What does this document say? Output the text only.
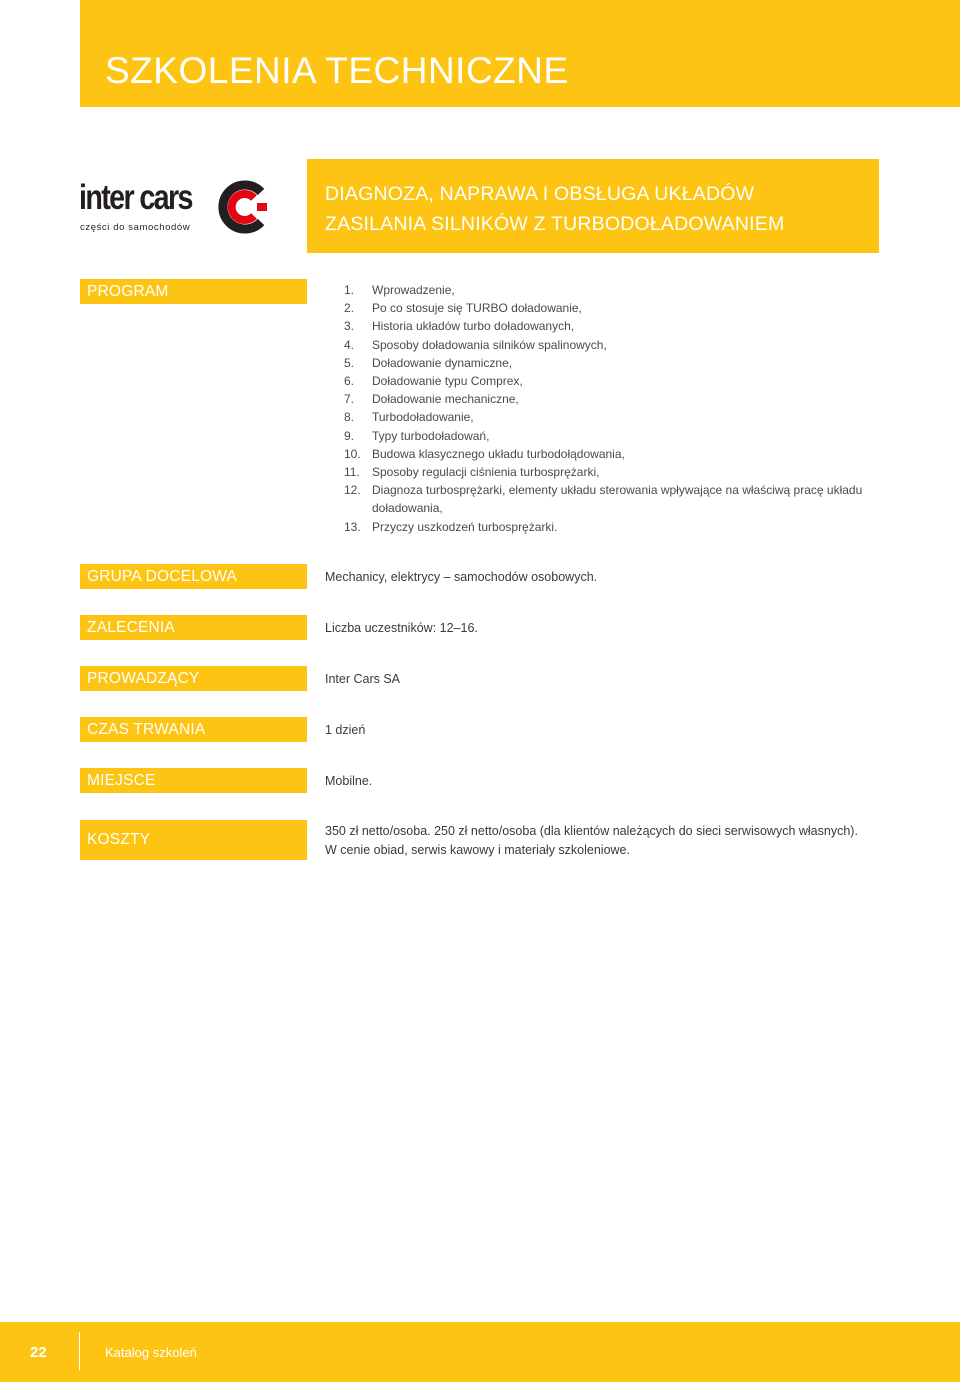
SZKOLENIA TECHNICZNE
inter cars
części do samochodów
DIAGNOZA, NAPRAWA I OBSŁUGA UKŁADÓW
ZASILANIA SILNIKÓW Z TURBODOŁADOWANIEM
PROGRAM	1. Wprowadzenie,
2. Po co stosuje się TURBO doładowanie,
3. Historia układów turbo doładowanych,
4. Sposoby doładowania silników spalinowych,
5. Doładowanie dynamiczne,
6. Doładowanie typu Comprex,
7. Doładowanie mechaniczne,
8. Turbodoładowanie,
9. Typy turbodoładowań,
10. Budowa klasycznego układu turbodołądowania,
11. Sposoby regulacji ciśnienia turbosprężarki,
12. Diagnoza turbosprężarki, elementy układu sterowania wpływające na właściwą pracę układu doładowania,
13. Przyczy uszkodzeń turbosprężarki.
GRUPA DOCELOWA	Mechanicy, elektrycy – samochodów osobowych.
ZALECENIA	Liczba uczestników: 12–16.
PROWADZĄCY	Inter Cars SA
CZAS TRWANIA	1 dzień
MIEJSCE	Mobilne.
KOSZTY	350 zł netto/osoba. 250 zł netto/osoba (dla klientów należących do sieci serwisowych własnych).
W cenie obiad, serwis kawowy i materiały szkoleniowe.
22	Katalog szkoleń
